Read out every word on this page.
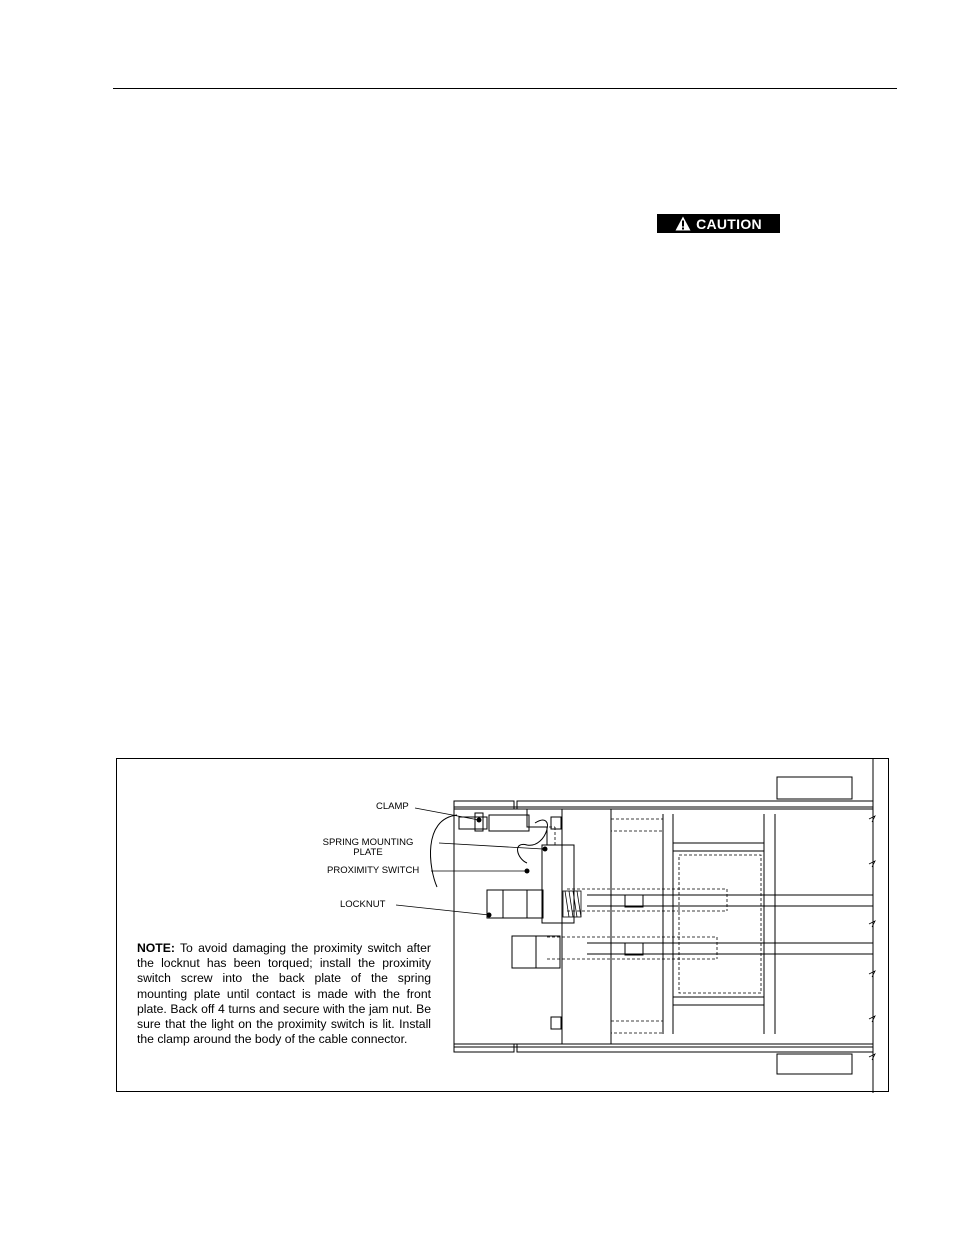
CAUTION
CLAMP
SPRING MOUNTING PLATE
PROXIMITY SWITCH
LOCKNUT
NOTE: To avoid damaging the proximity switch after the locknut has been torqued; install the proximity switch screw into the back plate of the spring mounting plate until contact is made with the front plate. Back off 4 turns and secure with the jam nut. Be sure that the light on the proximity switch is lit. Install the clamp around the body of the cable connector.
